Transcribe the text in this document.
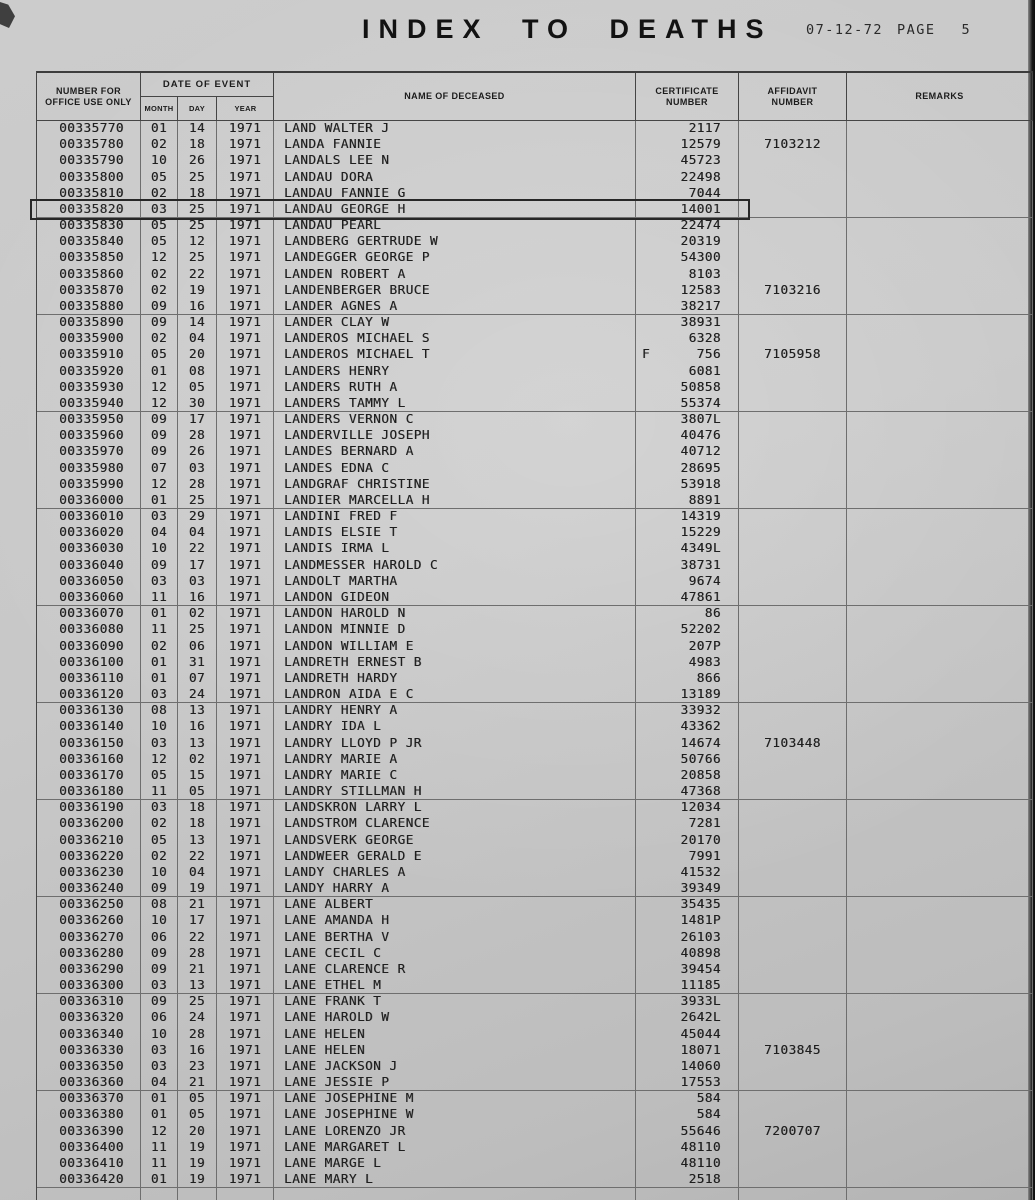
INDEX TO DEATHS 07-12-72 PAGE 5
NUMBER FOR
OFFICE USE ONLY
DATE OF EVENT
MONTH	DAY	YEAR
NAME OF DECEASED
CERTIFICATE
NUMBER
AFFIDAVIT
NUMBER
REMARKS
00335770	01	14	1971	LAND WALTER J	2117
00335780	02	18	1971	LANDA FANNIE	12579	7103212
00335790	10	26	1971	LANDALS LEE N	45723
00335800	05	25	1971	LANDAU DORA	22498
00335810	02	18	1971	LANDAU FANNIE G	7044
00335820	03	25	1971	LANDAU GEORGE H	14001
00335830	05	25	1971	LANDAU PEARL	22474
00335840	05	12	1971	LANDBERG GERTRUDE W	20319
00335850	12	25	1971	LANDEGGER GEORGE P	54300
00335860	02	22	1971	LANDEN ROBERT A	8103
00335870	02	19	1971	LANDENBERGER BRUCE	12583	7103216
00335880	09	16	1971	LANDER AGNES A	38217
00335890	09	14	1971	LANDER CLAY W	38931
00335900	02	04	1971	LANDEROS MICHAEL S	6328
00335910	05	20	1971	LANDEROS MICHAEL T	F	756	7105958
00335920	01	08	1971	LANDERS HENRY	6081
00335930	12	05	1971	LANDERS RUTH A	50858
00335940	12	30	1971	LANDERS TAMMY L	55374
00335950	09	17	1971	LANDERS VERNON C	3807L
00335960	09	28	1971	LANDERVILLE JOSEPH	40476
00335970	09	26	1971	LANDES BERNARD A	40712
00335980	07	03	1971	LANDES EDNA C	28695
00335990	12	28	1971	LANDGRAF CHRISTINE	53918
00336000	01	25	1971	LANDIER MARCELLA H	8891
00336010	03	29	1971	LANDINI FRED F	14319
00336020	04	04	1971	LANDIS ELSIE T	15229
00336030	10	22	1971	LANDIS IRMA L	4349L
00336040	09	17	1971	LANDMESSER HAROLD C	38731
00336050	03	03	1971	LANDOLT MARTHA	9674
00336060	11	16	1971	LANDON GIDEON	47861
00336070	01	02	1971	LANDON HAROLD N	86
00336080	11	25	1971	LANDON MINNIE D	52202
00336090	02	06	1971	LANDON WILLIAM E	207P
00336100	01	31	1971	LANDRETH ERNEST B	4983
00336110	01	07	1971	LANDRETH HARDY	866
00336120	03	24	1971	LANDRON AIDA E C	13189
00336130	08	13	1971	LANDRY HENRY A	33932
00336140	10	16	1971	LANDRY IDA L	43362
00336150	03	13	1971	LANDRY LLOYD P JR	14674	7103448
00336160	12	02	1971	LANDRY MARIE A	50766
00336170	05	15	1971	LANDRY MARIE C	20858
00336180	11	05	1971	LANDRY STILLMAN H	47368
00336190	03	18	1971	LANDSKRON LARRY L	12034
00336200	02	18	1971	LANDSTROM CLARENCE	7281
00336210	05	13	1971	LANDSVERK GEORGE	20170
00336220	02	22	1971	LANDWEER GERALD E	7991
00336230	10	04	1971	LANDY CHARLES A	41532
00336240	09	19	1971	LANDY HARRY A	39349
00336250	08	21	1971	LANE ALBERT	35435
00336260	10	17	1971	LANE AMANDA H	1481P
00336270	06	22	1971	LANE BERTHA V	26103
00336280	09	28	1971	LANE CECIL C	40898
00336290	09	21	1971	LANE CLARENCE R	39454
00336300	03	13	1971	LANE ETHEL M	11185
00336310	09	25	1971	LANE FRANK T	3933L
00336320	06	24	1971	LANE HAROLD W	2642L
00336340	10	28	1971	LANE HELEN	45044
00336330	03	16	1971	LANE HELEN	18071	7103845
00336350	03	23	1971	LANE JACKSON J	14060
00336360	04	21	1971	LANE JESSIE P	17553
00336370	01	05	1971	LANE JOSEPHINE M	584
00336380	01	05	1971	LANE JOSEPHINE W	584
00336390	12	20	1971	LANE LORENZO JR	55646	7200707
00336400	11	19	1971	LANE MARGARET L	48110
00336410	11	19	1971	LANE MARGE L	48110
00336420	01	19	1971	LANE MARY L	2518
